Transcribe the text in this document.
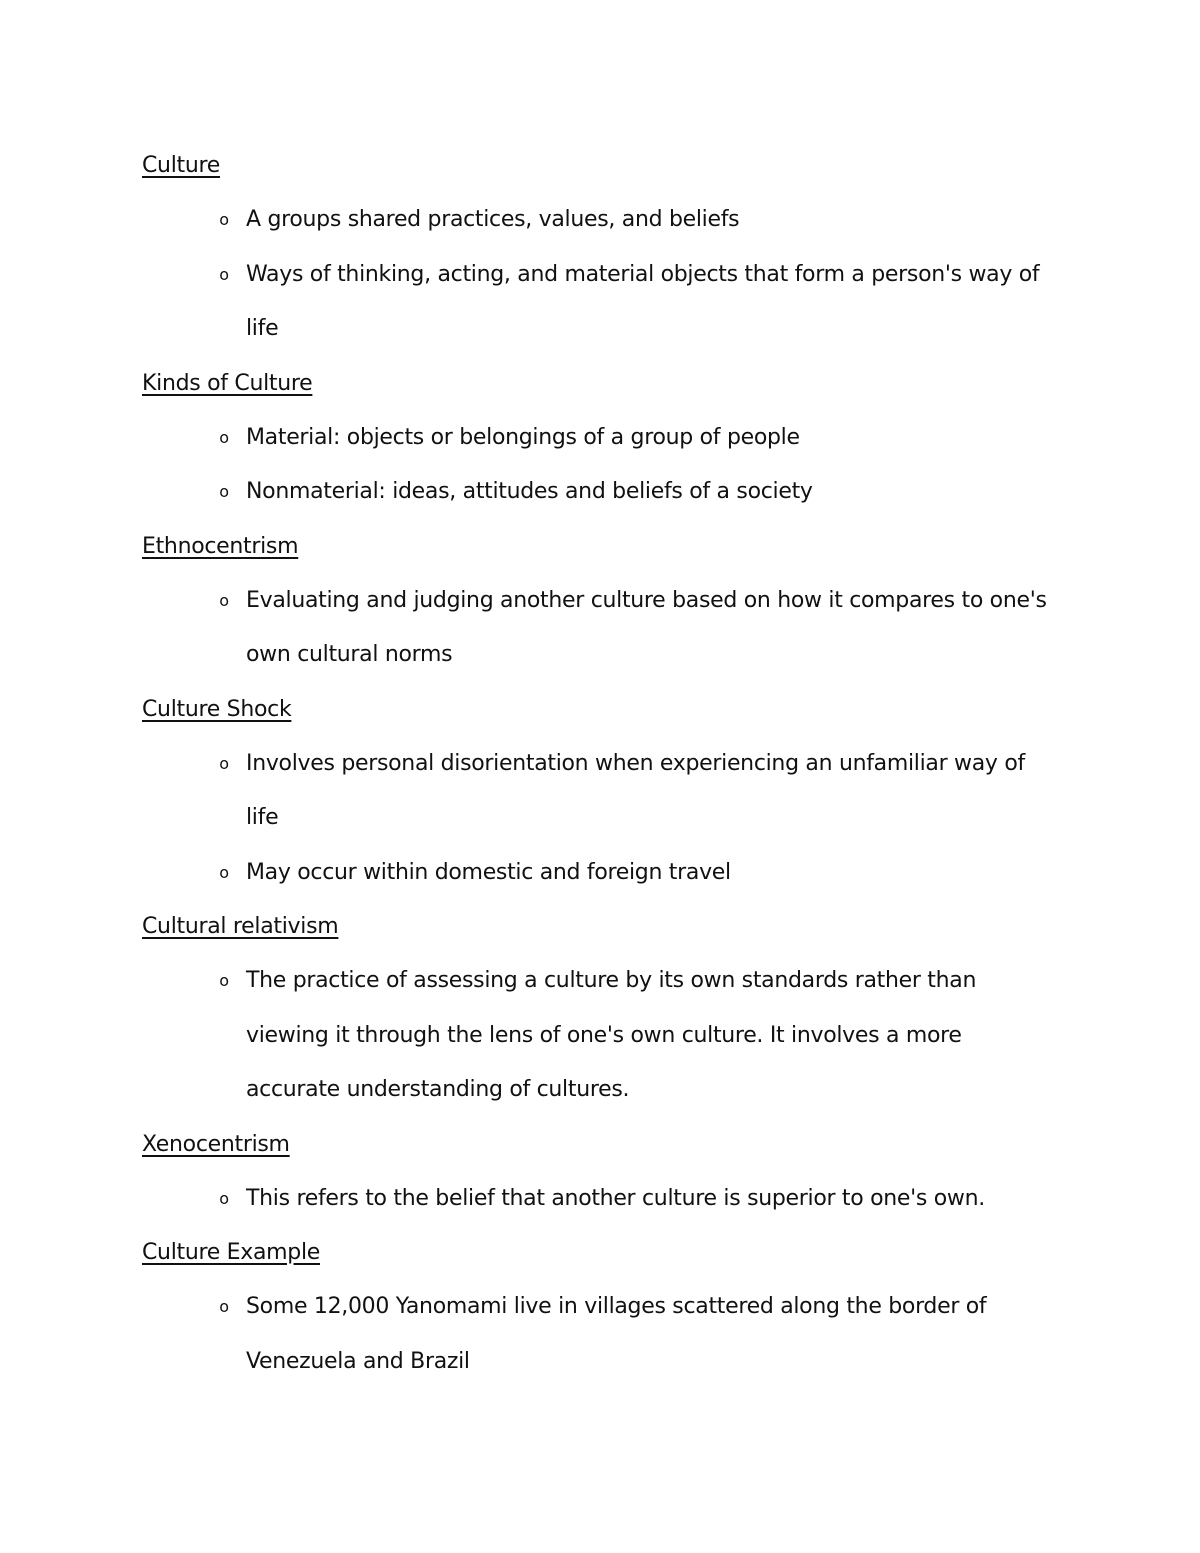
Culture
o A groups shared practices, values, and beliefs
o Ways of thinking, acting, and material objects that form a person's way of life
Kinds of Culture
o Material: objects or belongings of a group of people
o Nonmaterial: ideas, attitudes and beliefs of a society
Ethnocentrism
o Evaluating and judging another culture based on how it compares to one's own cultural norms
Culture Shock
o Involves personal disorientation when experiencing an unfamiliar way of life
o May occur within domestic and foreign travel
Cultural relativism
o The practice of assessing a culture by its own standards rather than viewing it through the lens of one's own culture. It involves a more accurate understanding of cultures.
Xenocentrism
o This refers to the belief that another culture is superior to one's own.
Culture Example
o Some 12,000 Yanomami live in villages scattered along the border of Venezuela and Brazil
